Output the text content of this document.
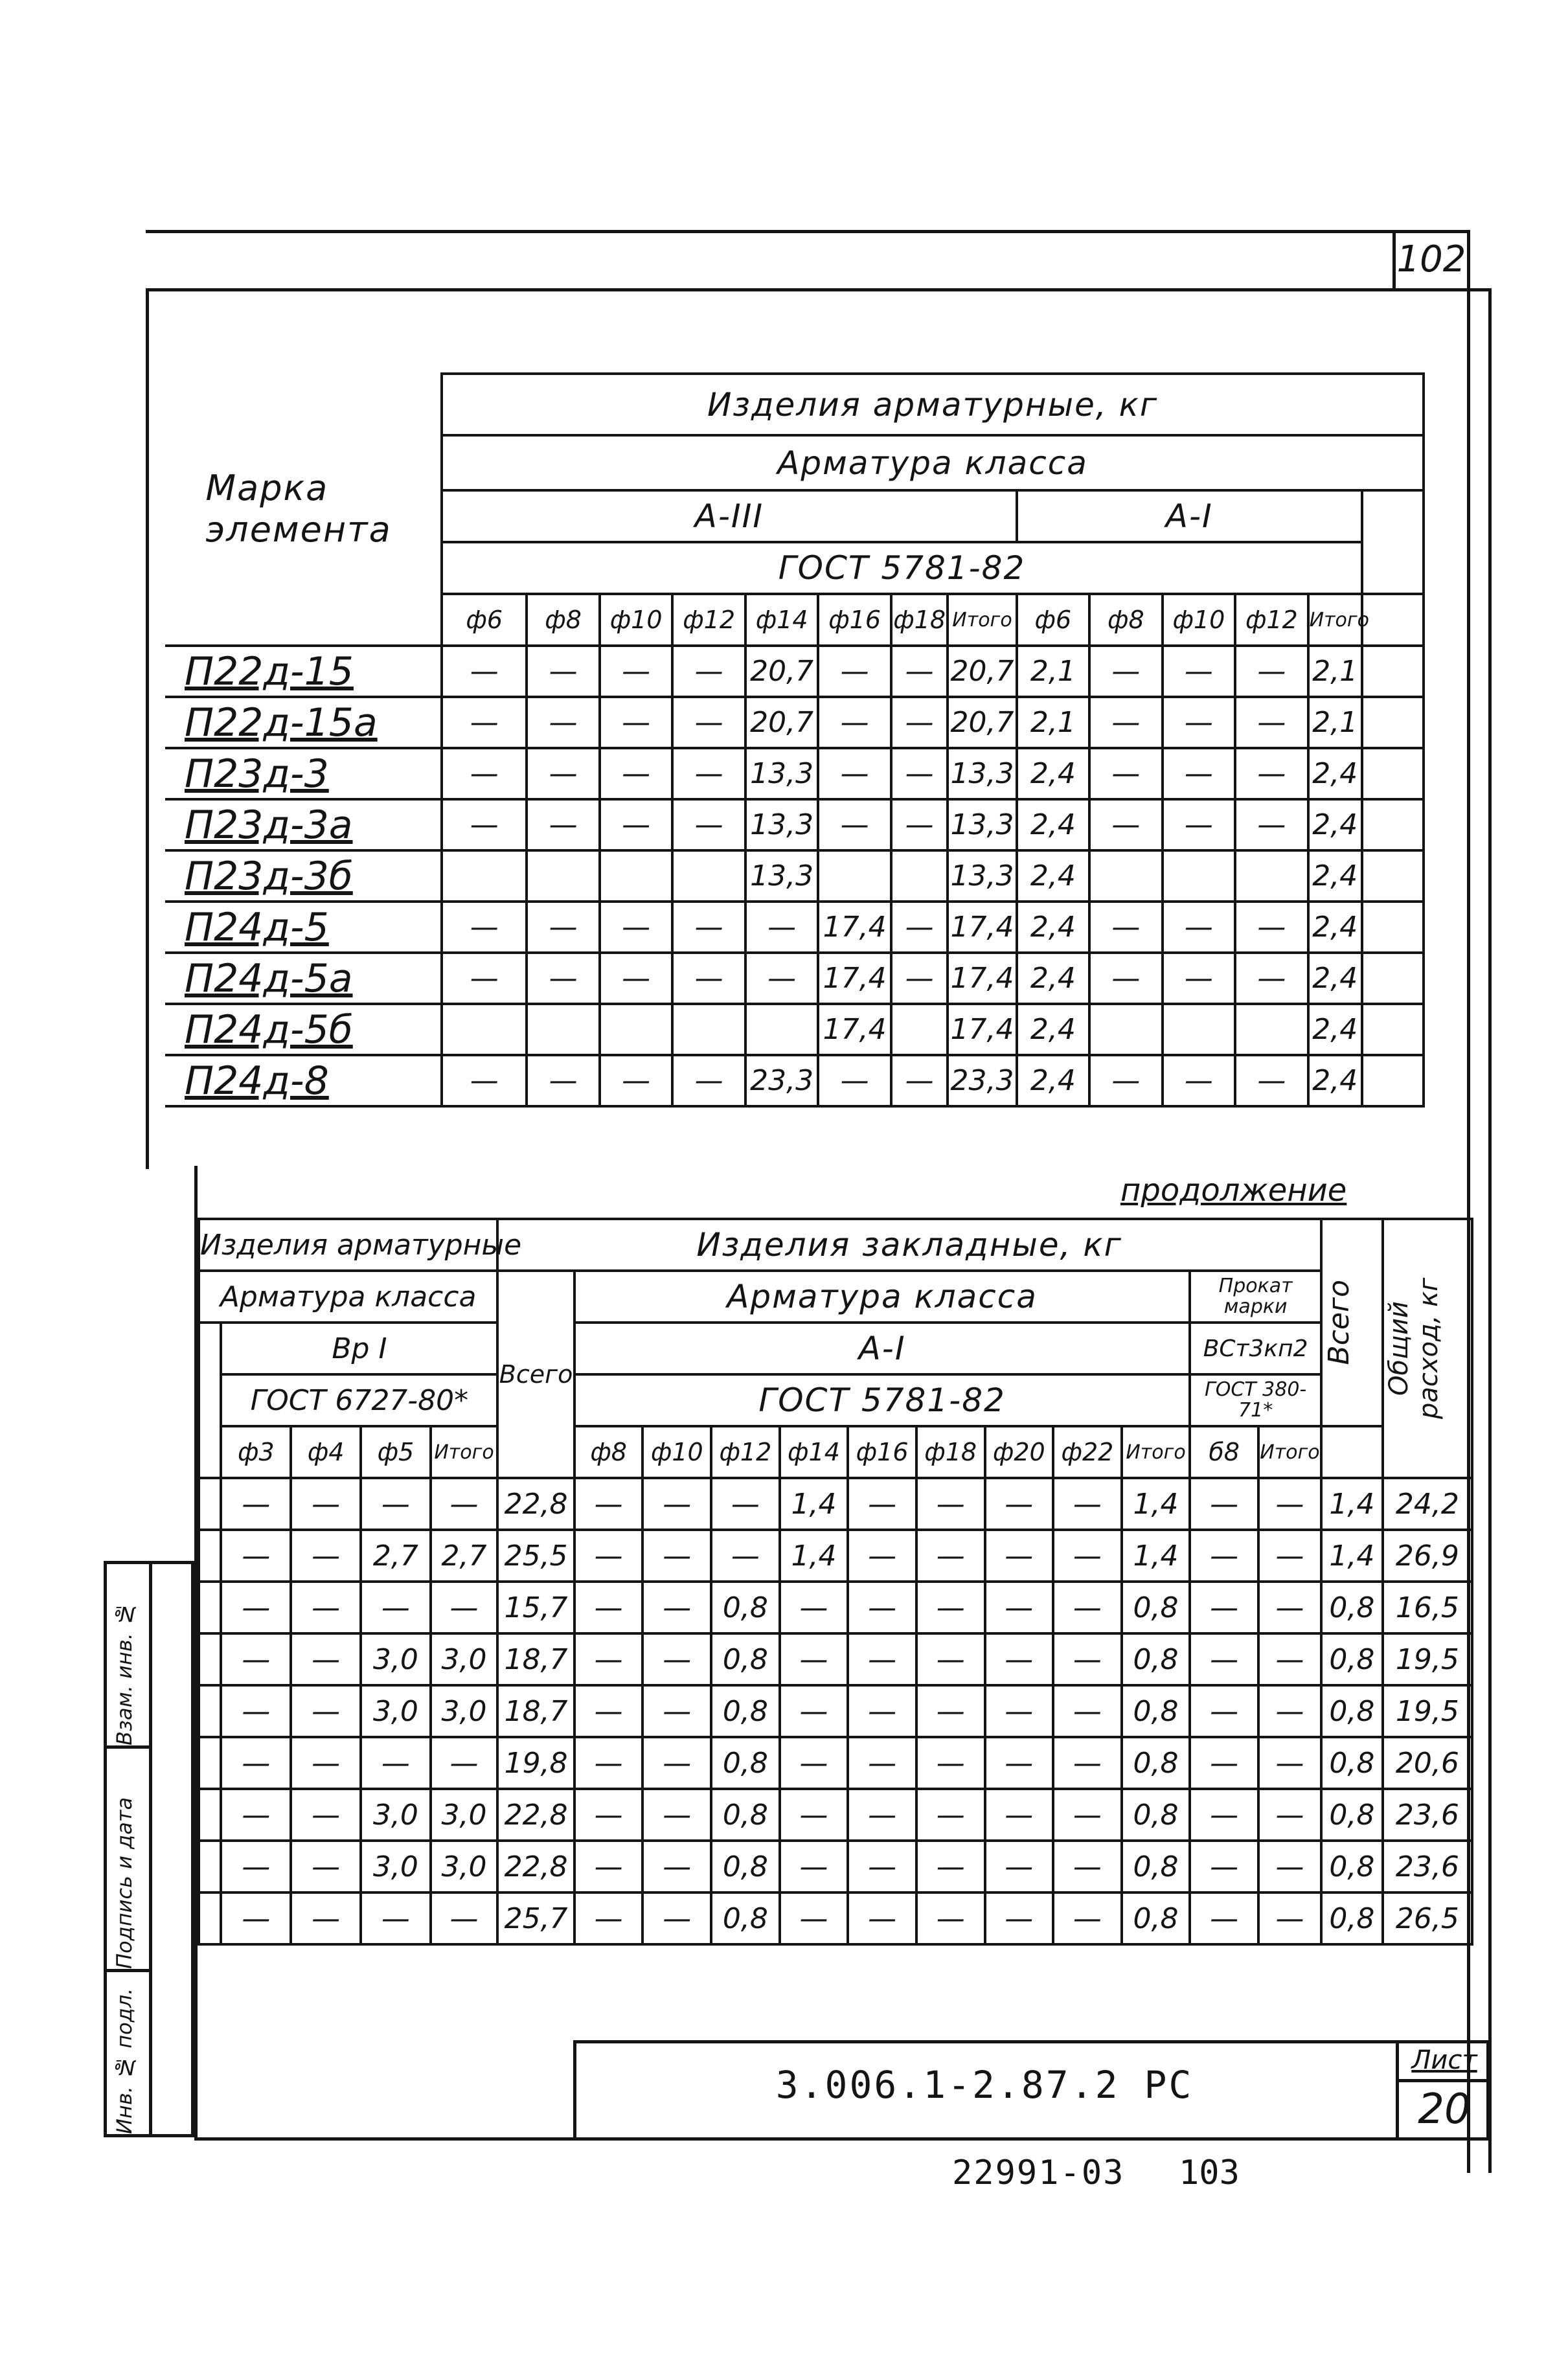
102
Марка элемента	Изделия арматурные, кг													
	Арматура класса													
	А-III								А-I					
	ГОСТ 5781-82													
	ф6	ф8	ф10	ф12	ф14	ф16	ф18	Итого	ф6	ф8	ф10	ф12	Итого	
П22д-15	—	—	—	—	20,7	—	—	20,7	2,1	—	—	—	2,1	
П22д-15а	—	—	—	—	20,7	—	—	20,7	2,1	—	—	—	2,1	
П23д-3	—	—	—	—	13,3	—	—	13,3	2,4	—	—	—	2,4	
П23д-3а	—	—	—	—	13,3	—	—	13,3	2,4	—	—	—	2,4	
П23д-3б					13,3			13,3	2,4				2,4	
П24д-5	—	—	—	—	—	17,4	—	17,4	2,4	—	—	—	2,4	
П24д-5а	—	—	—	—	—	17,4	—	17,4	2,4	—	—	—	2,4	
П24д-5б						17,4		17,4	2,4				2,4	
П24д-8	—	—	—	—	23,3	—	—	23,3	2,4	—	—	—	2,4	
продолжение
Изделия арматурные					Изделия закладные, кг												Всего	Общий расход, кг

Арматура класса					Всего	Арматура класса									Прокат марки			
	Вр I					А-I									ВСт3кп2			
	ГОСТ 6727-80*					ГОСТ 5781-82									ГОСТ 380-71*			
	ф3	ф4	ф5	Итого		ф8	ф10	ф12	ф14	ф16	ф18	ф20	ф22	Итого	б8	Итого		
	—	—	—	—	22,8	—	—	—	1,4	—	—	—	—	1,4	—	—	1,4	24,2
	—	—	2,7	2,7	25,5	—	—	—	1,4	—	—	—	—	1,4	—	—	1,4	26,9
	—	—	—	—	15,7	—	—	0,8	—	—	—	—	—	0,8	—	—	0,8	16,5
	—	—	3,0	3,0	18,7	—	—	0,8	—	—	—	—	—	0,8	—	—	0,8	19,5
	—	—	3,0	3,0	18,7	—	—	0,8	—	—	—	—	—	0,8	—	—	0,8	19,5
	—	—	—	—	19,8	—	—	0,8	—	—	—	—	—	0,8	—	—	0,8	20,6
	—	—	3,0	3,0	22,8	—	—	0,8	—	—	—	—	—	0,8	—	—	0,8	23,6
	—	—	3,0	3,0	22,8	—	—	0,8	—	—	—	—	—	0,8	—	—	0,8	23,6
	—	—	—	—	25,7	—	—	0,8	—	—	—	—	—	0,8	—	—	0,8	26,5
Инв. № подл.
Подпись и дата
Взам. инв. №
3.006.1-2.87.2 РС
Лист
20
22991-03 103
